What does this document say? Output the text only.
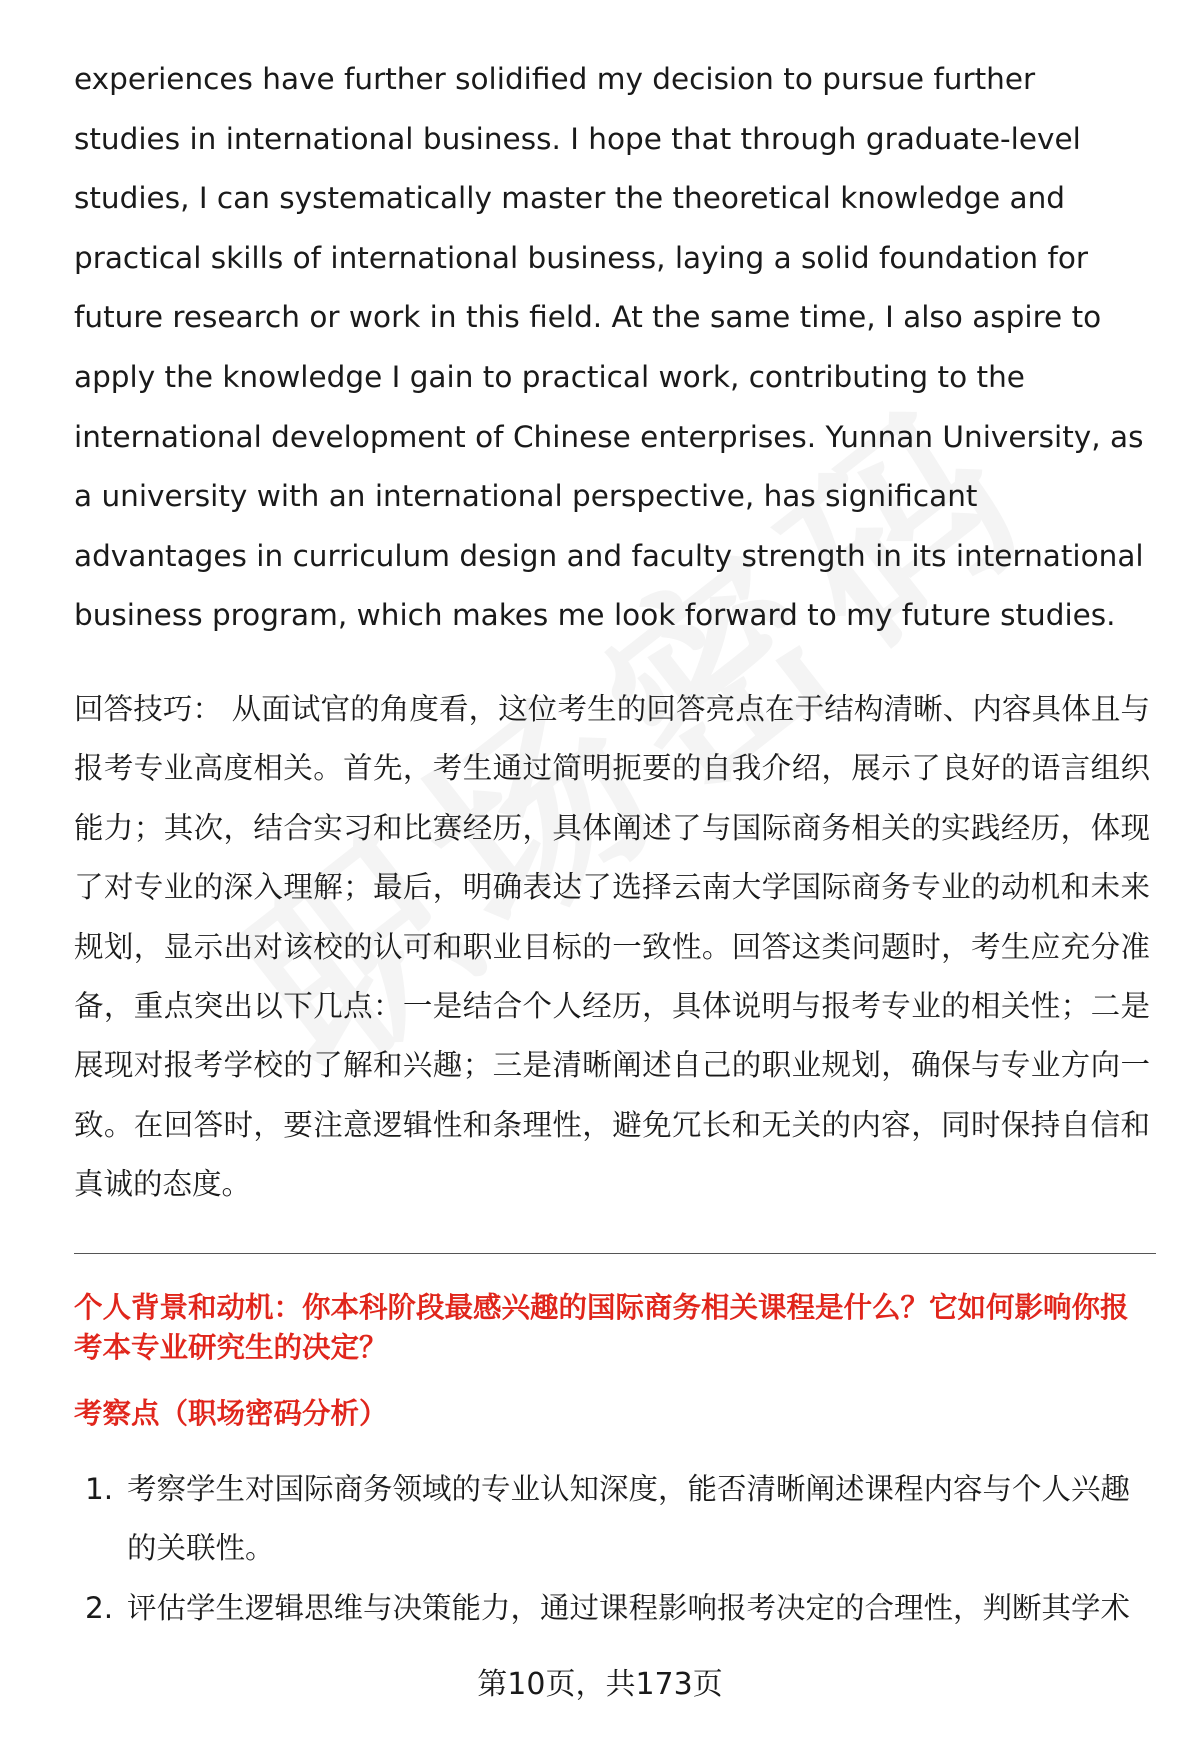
experiences have further solidified my decision to pursue further studies in international business. I hope that through graduate-level studies, I can systematically master the theoretical knowledge and practical skills of international business, laying a solid foundation for future research or work in this field. At the same time, I also aspire to apply the knowledge I gain to practical work, contributing to the international development of Chinese enterprises. Yunnan University, as a university with an international perspective, has significant advantages in curriculum design and faculty strength in its international business program, which makes me look forward to my future studies.

回答技巧： 从面试官的角度看，这位考生的回答亮点在于结构清晰、内容具体且与报考专业高度相关。首先，考生通过简明扼要的自我介绍，展示了良好的语言组织能力；其次，结合实习和比赛经历，具体阐述了与国际商务相关的实践经历，体现了对专业的深入理解；最后，明确表达了选择云南大学国际商务专业的动机和未来规划，显示出对该校的认可和职业目标的一致性。回答这类问题时，考生应充分准备，重点突出以下几点：一是结合个人经历，具体说明与报考专业的相关性；二是展现对报考学校的了解和兴趣；三是清晰阐述自己的职业规划，确保与专业方向一致。在回答时，要注意逻辑性和条理性，避免冗长和无关的内容，同时保持自信和真诚的态度。

个人背景和动机：你本科阶段最感兴趣的国际商务相关课程是什么？它如何影响你报考本专业研究生的决定？
考察点（职场密码分析）
1. 考察学生对国际商务领域的专业认知深度，能否清晰阐述课程内容与个人兴趣的关联性。
2. 评估学生逻辑思维与决策能力，通过课程影响报考决定的合理性，判断其学术
第10页，共173页
